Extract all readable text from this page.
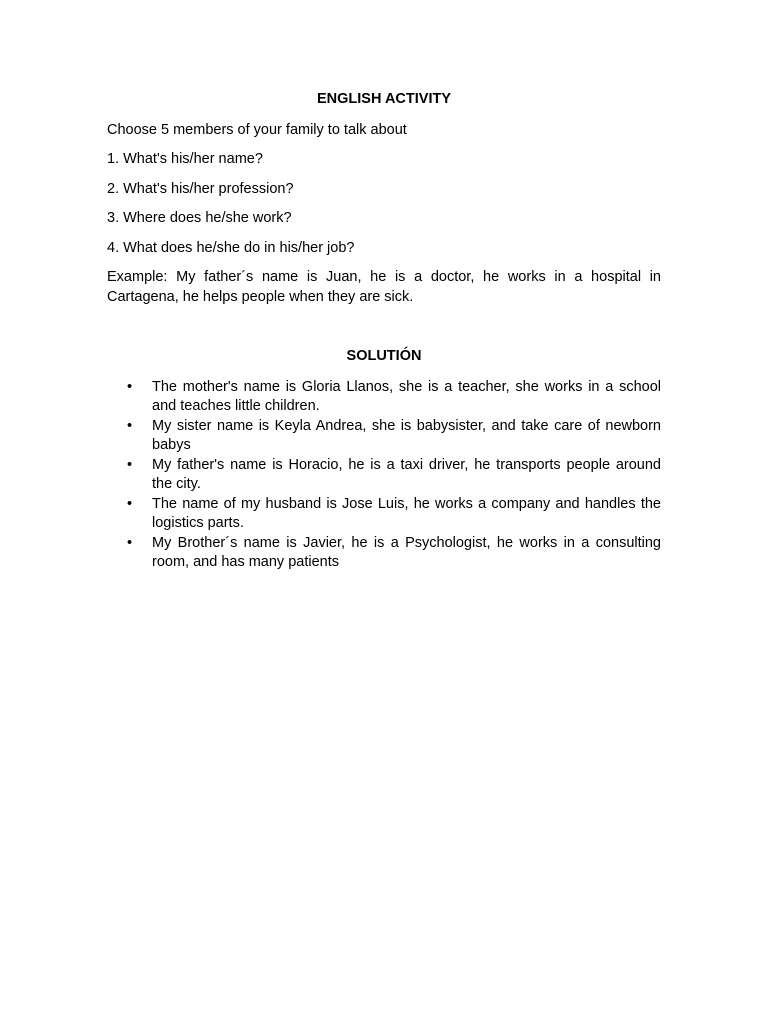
ENGLISH ACTIVITY
Choose 5 members of your family to talk about
1. What's his/her name?
2. What's his/her profession?
3. Where does he/she work?
4. What does he/she do in his/her job?
Example: My father´s name is Juan, he is a doctor, he works in a hospital in Cartagena, he helps people when they are sick.
SOLUTIÓN
• The mother's name is Gloria Llanos, she is a teacher, she works in a school and teaches little children.
• My sister name is Keyla Andrea, she is babysister, and take care of newborn babys
• My father's name is Horacio, he is a taxi driver, he transports people around the city.
• The name of my husband is Jose Luis, he works a company and handles the logistics parts.
• My Brother´s name is Javier, he is a Psychologist, he works in a consulting room, and has many patients
